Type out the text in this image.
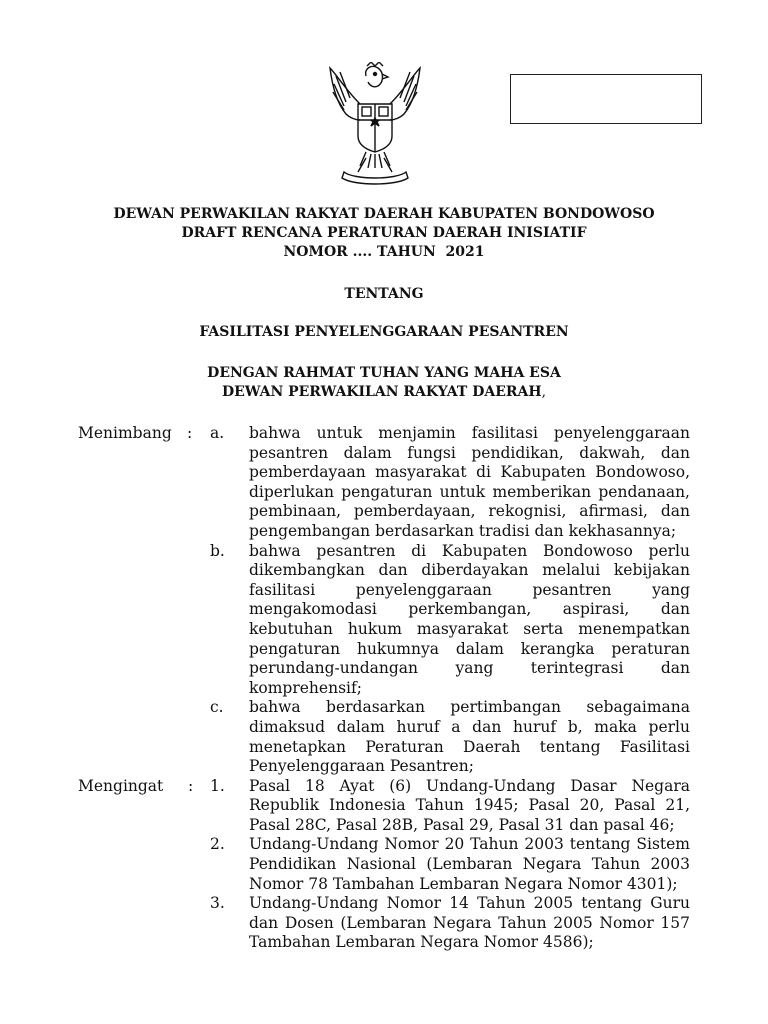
DEWAN PERWAKILAN RAKYAT DAERAH KABUPATEN BONDOWOSO
DRAFT RENCANA PERATURAN DAERAH INISIATIF
NOMOR .... TAHUN  2021
TENTANG
FASILITASI PENYELENGGARAAN PESANTREN
DENGAN RAHMAT TUHAN YANG MAHA ESA
DEWAN PERWAKILAN RAKYAT DAERAH,
Menimbang : a. bahwa untuk menjamin fasilitasi penyelenggaraan pesantren dalam fungsi pendidikan, dakwah, dan pemberdayaan masyarakat di Kabupaten Bondowoso, diperlukan pengaturan untuk memberikan pendanaan, pembinaan, pemberdayaan, rekognisi, afirmasi, dan pengembangan berdasarkan tradisi dan kekhasannya;
b. bahwa pesantren di Kabupaten Bondowoso perlu dikembangkan dan diberdayakan melalui kebijakan fasilitasi penyelenggaraan pesantren yang mengakomodasi perkembangan, aspirasi, dan kebutuhan hukum masyarakat serta menempatkan pengaturan hukumnya dalam kerangka peraturan perundang-undangan yang terintegrasi dan komprehensif;
c. bahwa berdasarkan pertimbangan sebagaimana dimaksud dalam huruf a dan huruf b, maka perlu menetapkan Peraturan Daerah tentang Fasilitasi Penyelenggaraan Pesantren;
Mengingat : 1. Pasal 18 Ayat (6) Undang-Undang Dasar Negara Republik Indonesia Tahun 1945; Pasal 20, Pasal 21, Pasal 28C, Pasal 28B, Pasal 29, Pasal 31 dan pasal 46;
2. Undang-Undang Nomor 20 Tahun 2003 tentang Sistem Pendidikan Nasional (Lembaran Negara Tahun 2003 Nomor 78 Tambahan Lembaran Negara Nomor 4301);
3. Undang-Undang Nomor 14 Tahun 2005 tentang Guru dan Dosen (Lembaran Negara Tahun 2005 Nomor 157 Tambahan Lembaran Negara Nomor 4586);
